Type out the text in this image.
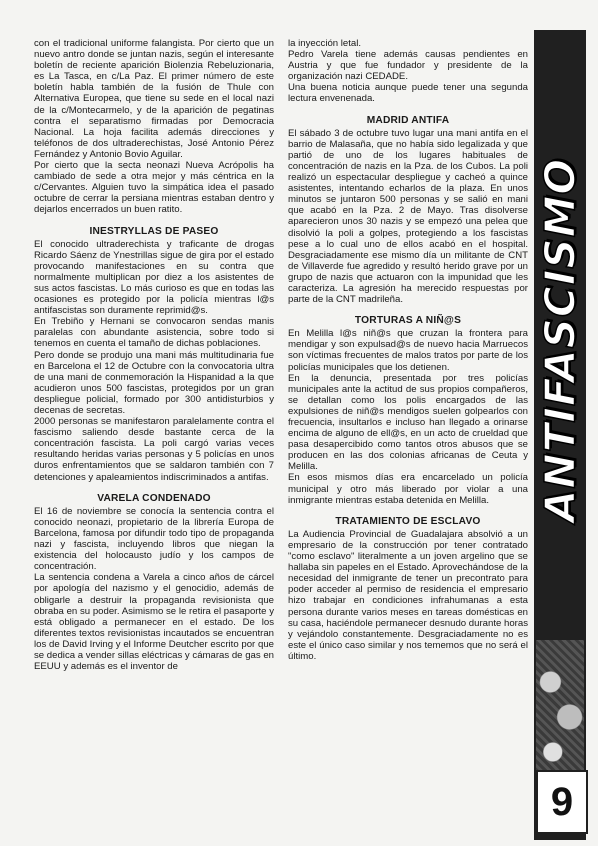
con el tradicional uniforme falangista. Por cierto que un nuevo antro donde se juntan nazis, según el interesante boletín de reciente aparición Biolenzia Rebeluzionaria, es La Tasca, en c/La Paz. El primer número de este boletín habla también de la fusión de Thule con Alternativa Europea, que tiene su sede en el local nazi de la c/Montecarmelo, y de la aparición de pegatinas contra el separatismo firmadas por Democracia Nacional. La hoja facilita además direcciones y teléfonos de dos ultraderechistas, José Antonio Pérez Fernández y Antonio Bovio Aguilar.

Por cierto que la secta neonazi Nueva Acrópolis ha cambiado de sede a otra mejor y más céntrica en la c/Cervantes. Alguien tuvo la simpática idea el pasado octubre de cerrar la persiana mientras estaban dentro y dejarlos encerrados un buen ratito.

INESTRYLLAS DE PASEO

El conocido ultraderechista y traficante de drogas Ricardo Sáenz de Ynestrillas sigue de gira por el estado provocando manifestaciones en su contra que normalmente multiplican por diez a los asistentes de sus actos fascistas. Lo más curioso es que en todas las ocasiones es protegido por la policía mientras l@s antifascistas son duramente reprimid@s.

En Trebiño y Hernani se convocaron sendas manis paralelas con abundante asistencia, sobre todo si tenemos en cuenta el tamaño de dichas poblaciones.

Pero donde se produjo una mani más multitudinaria fue en Barcelona el 12 de Octubre con la convocatoria ultra de una mani de conmemoración la Hispanidad a la que acudieron unos 500 fascistas, protegidos por un gran despliegue policial, formado por 300 antidisturbios y decenas de secretas.

2000 personas se manifestaron paralelamente contra el fascismo saliendo desde bastante cerca de la concentración fascista. La poli cargó varias veces resultando heridas varias personas y 5 policías en unos duros enfrentamientos que se saldaron también con 7 detenciones y apaleamientos indiscriminados a antifas.

VARELA CONDENADO

El 16 de noviembre se conocía la sentencia contra el conocido neonazi, propietario de la librería Europa de Barcelona, famosa por difundir todo tipo de propaganda nazi y fascista, incluyendo libros que niegan la existencia del holocausto judío y los campos de concentración.

La sentencia condena a Varela a cinco años de cárcel por apología del nazismo y el genocidio, además de obligarle a destruir la propaganda revisionista que obraba en su poder. Asimismo se le retira el pasaporte y está obligado a permanecer en el estado. De los diferentes textos revisionistas incautados se encuentran los de David Irving y el Informe Deutcher escrito por que se dedica a vender sillas eléctricas y cámaras de gas en EEUU y además es el inventor de

la inyección letal.

Pedro Varela tiene además causas pendientes en Austria y que fue fundador y presidente de la organización nazi CEDADE.

Una buena noticia aunque puede tener una segunda lectura envenenada.

MADRID ANTIFA

El sábado 3 de octubre tuvo lugar una mani antifa en el barrio de Malasaña, que no había sido legalizada y que partió de uno de los lugares habituales de concentración de nazis en la Pza. de los Cubos. La poli realizó un espectacular despliegue y cacheó a quince asistentes, intentando echarlos de la plaza. En unos minutos se juntaron 500 personas y se salió en mani que acabó en la Pza. 2 de Mayo. Tras disolverse aparecieron unos 30 nazis y se empezó una pelea que disolvió la poli a golpes, protegiendo a los fascistas pese a lo cual uno de ellos acabó en el hospital. Desgraciadamente ese mismo día un militante de CNT de Villaverde fue agredido y resultó herido grave por un grupo de nazis que actuaron con la impunidad que les caracteriza. La agresión ha merecido respuestas por parte de la CNT madrileña.

TORTURAS A NIÑ@S

En Melilla l@s niñ@s que cruzan la frontera para mendigar y son expulsad@s de nuevo hacia Marruecos son víctimas frecuentes de malos tratos por parte de los policías municipales que los detienen.

En la denuncia, presentada por tres policías municipales ante la actitud de sus propios compañeros, se detallan como los polis encargados de las expulsiones de niñ@s mendigos suelen golpearlos con frecuencia, insultarlos e incluso han llegado a orinarse encima de alguno de ell@s, en un acto de crueldad que pasa desapercibido como tantos otros abusos que se producen en las dos colonias africanas de Ceuta y Melilla.

En esos mismos días era encarcelado un policía municipal y otro más liberado por violar a una inmigrante mientras estaba detenida en Melilla.

TRATAMIENTO DE ESCLAVO

La Audiencia Provincial de Guadalajara absolvió a un empresario de la construcción por tener contratado "como esclavo" literalmente a un joven argelino que se hallaba sin papeles en el Estado. Aprovechándose de la necesidad del inmigrante de tener un precontrato para poder acceder al permiso de residencia el empresario hizo trabajar en condiciones infrahumanas a esta persona durante varios meses en tareas domésticas en su casa, haciéndole permanecer desnudo durante horas y vejándolo constantemente. Desgraciadamente no es este el único caso similar y nos tememos que no será el último.

ANTIFASCISMO
9
